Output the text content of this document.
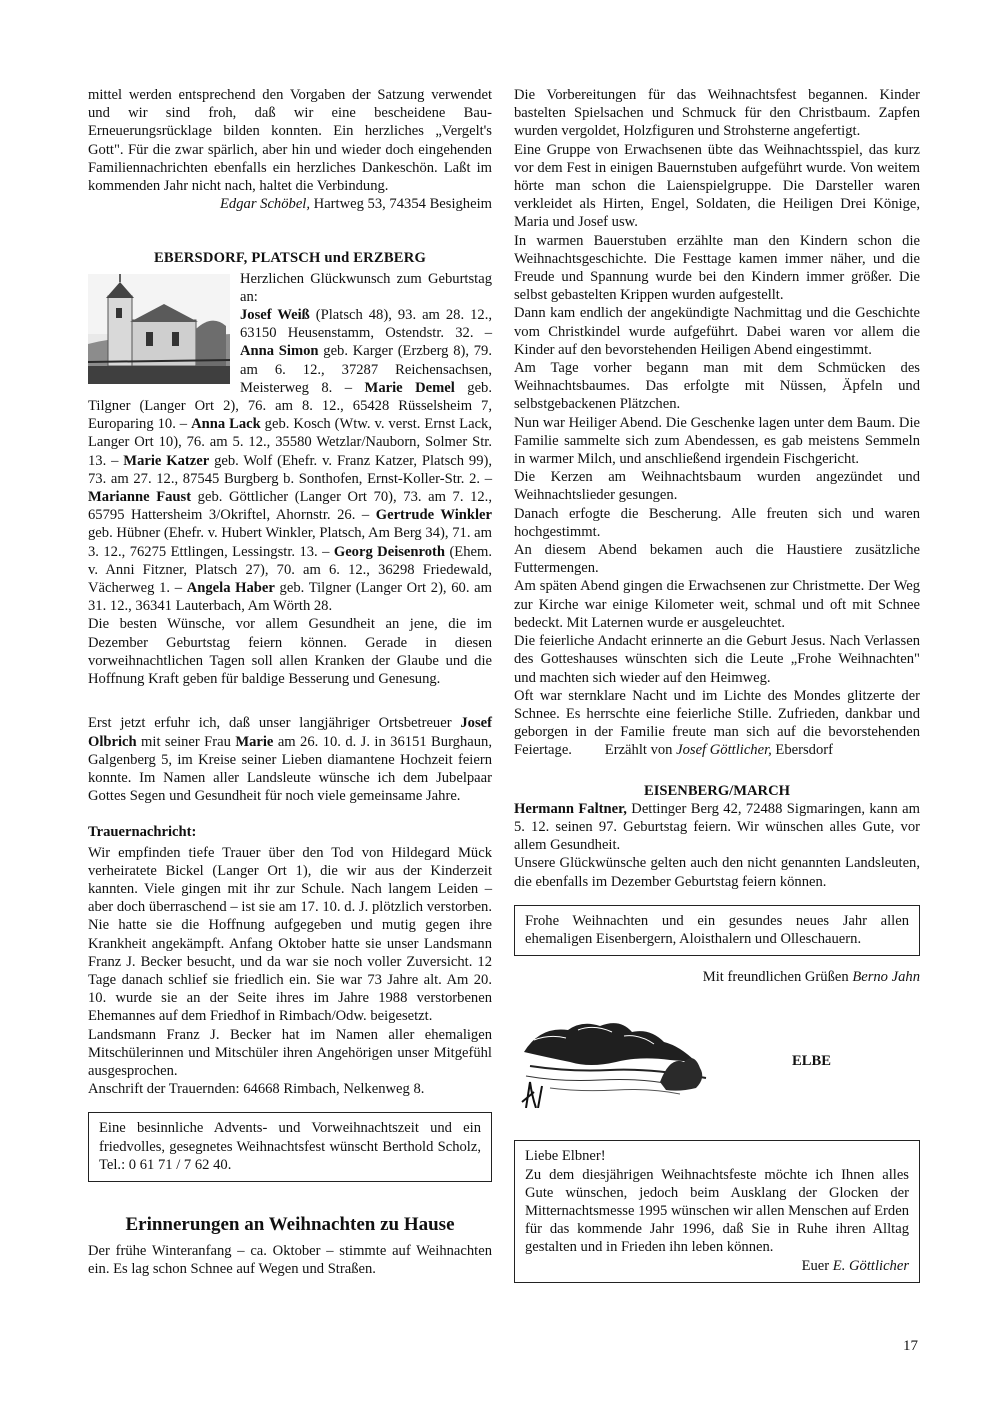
mittel werden entsprechend den Vorgaben der Satzung verwendet und wir sind froh, daß wir eine bescheidene Bau-Erneuerungsrücklage bilden konnten. Ein herzliches „Vergelt's Gott". Für die zwar spärlich, aber hin und wieder doch eingehenden Familiennachrichten ebenfalls ein herzliches Dankeschön. Laßt im kommenden Jahr nicht nach, haltet die Verbindung.

Edgar Schöbel, Hartweg 53, 74354 Besigheim

EBERSDORF, PLATSCH und ERZBERG

Herzlichen Glückwunsch zum Geburtstag an:

Josef Weiß (Platsch 48), 93. am 28. 12., 63150 Heusenstamm, Ostendstr. 32. – Anna Simon geb. Karger (Erzberg 8), 79. am 6. 12., 37287 Reichensachsen, Meisterweg 8. – Marie Demel geb. Tilgner (Langer Ort 2), 76. am 8. 12., 65428 Rüsselsheim 7, Europaring 10. – Anna Lack geb. Kosch (Wtw. v. verst. Ernst Lack, Langer Ort 10), 76. am 5. 12., 35580 Wetzlar/Nauborn, Solmer Str. 13. – Marie Katzer geb. Wolf (Ehefr. v. Franz Katzer, Platsch 99), 73. am 27. 12., 87545 Burgberg b. Sonthofen, Ernst-Koller-Str. 2. – Marianne Faust geb. Göttlicher (Langer Ort 70), 73. am 7. 12., 65795 Hattersheim 3/Okriftel, Ahornstr. 26. – Gertrude Winkler geb. Hübner (Ehefr. v. Hubert Winkler, Platsch, Am Berg 34), 71. am 3. 12., 76275 Ettlingen, Lessingstr. 13. – Georg Deisenroth (Ehem. v. Anni Fitzner, Platsch 27), 70. am 6. 12., 36298 Friedewald, Vächerweg 1. – Angela Haber geb. Tilgner (Langer Ort 2), 60. am 31. 12., 36341 Lauterbach, Am Wörth 28.

Die besten Wünsche, vor allem Gesundheit an jene, die im Dezember Geburtstag feiern können. Gerade in diesen vorweihnachtlichen Tagen soll allen Kranken der Glaube und die Hoffnung Kraft geben für baldige Besserung und Genesung.

Erst jetzt erfuhr ich, daß unser langjähriger Ortsbetreuer Josef Olbrich mit seiner Frau Marie am 26. 10. d. J. in 36151 Burghaun, Galgenberg 5, im Kreise seiner Lieben diamantene Hochzeit feiern konnte. Im Namen aller Landsleute wünsche ich dem Jubelpaar Gottes Segen und Gesundheit für noch viele gemeinsame Jahre.

Trauernachricht:

Wir empfinden tiefe Trauer über den Tod von Hildegard Mück verheiratete Bickel (Langer Ort 1), die wir aus der Kinderzeit kannten. Viele gingen mit ihr zur Schule. Nach langem Leiden – aber doch überraschend – ist sie am 17. 10. d. J. plötzlich verstorben. Nie hatte sie die Hoffnung aufgegeben und mutig gegen ihre Krankheit angekämpft. Anfang Oktober hatte sie unser Landsmann Franz J. Becker besucht, und da war sie noch voller Zuversicht. 12 Tage danach schlief sie friedlich ein. Sie war 73 Jahre alt. Am 20. 10. wurde sie an der Seite ihres im Jahre 1988 verstorbenen Ehemannes auf dem Friedhof in Rimbach/Odw. beigesetzt.

Landsmann Franz J. Becker hat im Namen aller ehemaligen Mitschülerinnen und Mitschüler ihren Angehörigen unser Mitgefühl ausgesprochen.

Anschrift der Trauernden: 64668 Rimbach, Nelkenweg 8.

Eine besinnliche Advents- und Vorweihnachtszeit und ein friedvolles, gesegnetes Weihnachtsfest wünscht Berthold Scholz, Tel.: 0 61 71 / 7 62 40.

Erinnerungen an Weihnachten zu Hause

Der frühe Winteranfang – ca. Oktober – stimmte auf Weihnachten ein. Es lag schon Schnee auf Wegen und Straßen.

Die Vorbereitungen für das Weihnachtsfest begannen. Kinder bastelten Spielsachen und Schmuck für den Christbaum. Zapfen wurden vergoldet, Holzfiguren und Strohsterne angefertigt.

Eine Gruppe von Erwachsenen übte das Weihnachtsspiel, das kurz vor dem Fest in einigen Bauernstuben aufgeführt wurde. Von weitem hörte man schon die Laienspielgruppe. Die Darsteller waren verkleidet als Hirten, Engel, Soldaten, die Heiligen Drei Könige, Maria und Josef usw.

In warmen Bauerstuben erzählte man den Kindern schon die Weihnachtsgeschichte. Die Festtage kamen immer näher, und die Freude und Spannung wurde bei den Kindern immer größer. Die selbst gebastelten Krippen wurden aufgestellt.

Dann kam endlich der angekündigte Nachmittag und die Geschichte vom Christkindel wurde aufgeführt. Dabei waren vor allem die Kinder auf den bevorstehenden Heiligen Abend eingestimmt.

Am Tage vorher begann man mit dem Schmücken des Weihnachtsbaumes. Das erfolgte mit Nüssen, Äpfeln und selbstgebackenen Plätzchen.

Nun war Heiliger Abend. Die Geschenke lagen unter dem Baum. Die Familie sammelte sich zum Abendessen, es gab meistens Semmeln in warmer Milch, und anschließend irgendein Fischgericht.

Die Kerzen am Weihnachtsbaum wurden angezündet und Weihnachtslieder gesungen.

Danach erfogte die Bescherung. Alle freuten sich und waren hochgestimmt.

An diesem Abend bekamen auch die Haustiere zusätzliche Futtermengen.

Am späten Abend gingen die Erwachsenen zur Christmette. Der Weg zur Kirche war einige Kilometer weit, schmal und oft mit Schnee bedeckt. Mit Laternen wurde er ausgeleuchtet.

Die feierliche Andacht erinnerte an die Geburt Jesus. Nach Verlassen des Gotteshauses wünschten sich die Leute „Frohe Weihnachten" und machten sich wieder auf den Heimweg.

Oft war sternklare Nacht und im Lichte des Mondes glitzerte der Schnee. Es herrschte eine feierliche Stille. Zufrieden, dankbar und geborgen in der Familie freute man sich auf die bevorstehenden Feiertage. Erzählt von Josef Göttlicher, Ebersdorf

EISENBERG/MARCH

Hermann Faltner, Dettinger Berg 42, 72488 Sigmaringen, kann am 5. 12. seinen 97. Geburtstag feiern. Wir wünschen alles Gute, vor allem Gesundheit.

Unsere Glückwünsche gelten auch den nicht genannten Landsleuten, die ebenfalls im Dezember Geburtstag feiern können.

Frohe Weihnachten und ein gesundes neues Jahr allen ehemaligen Eisenbergern, Aloisthalern und Olleschauern.

Mit freundlichen Grüßen Berno Jahn

ELBE

Liebe Elbner!

Zu dem diesjährigen Weihnachtsfeste möchte ich Ihnen alles Gute wünschen, jedoch beim Ausklang der Glocken der Mitternachtsmesse 1995 wünschen wir allen Menschen auf Erden für das kommende Jahr 1996, daß Sie in Ruhe ihren Alltag gestalten und in Frieden ihn leben können.

Euer E. Göttlicher

17
